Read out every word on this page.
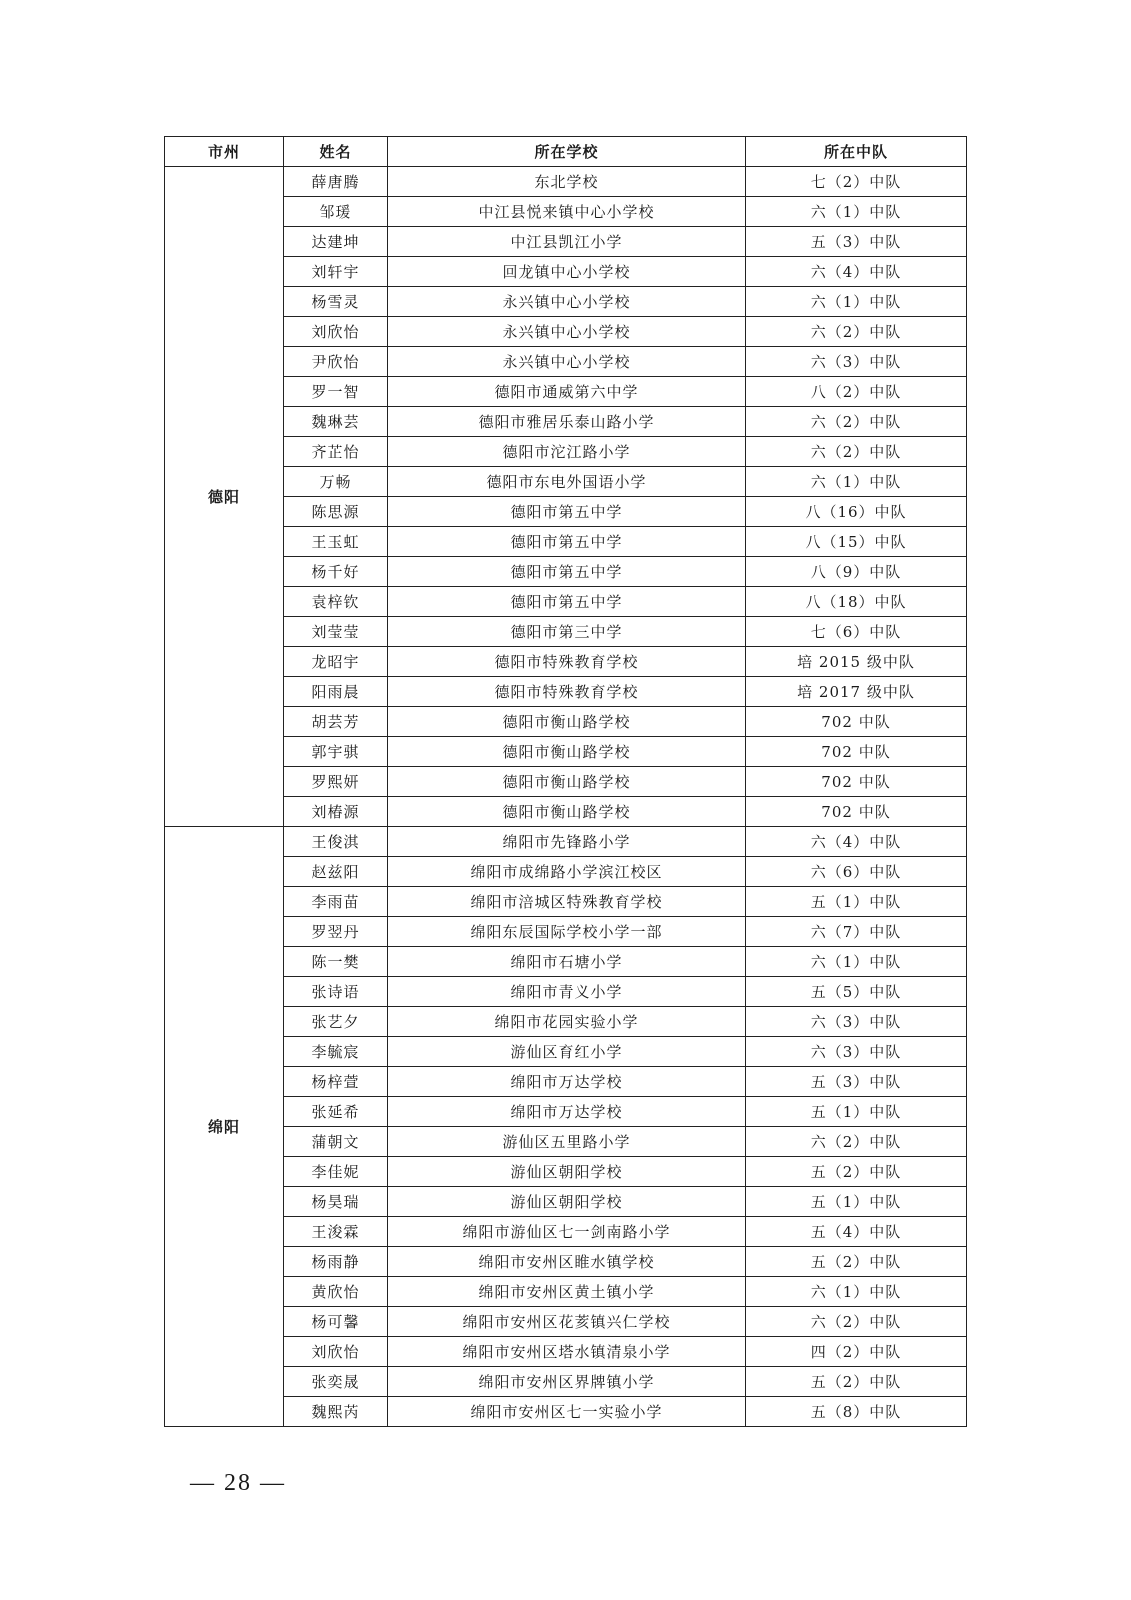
市州	姓名	所在学校	所在中队
德阳	薛唐腾	东北学校	七（2）中队
	邹瑗	中江县悦来镇中心小学校	六（1）中队
	达建坤	中江县凯江小学	五（3）中队
	刘轩宇	回龙镇中心小学校	六（4）中队
	杨雪灵	永兴镇中心小学校	六（1）中队
	刘欣怡	永兴镇中心小学校	六（2）中队
	尹欣怡	永兴镇中心小学校	六（3）中队
	罗一智	德阳市通威第六中学	八（2）中队
	魏琳芸	德阳市雅居乐泰山路小学	六（2）中队
	齐芷怡	德阳市沱江路小学	六（2）中队
	万畅	德阳市东电外国语小学	六（1）中队
	陈思源	德阳市第五中学	八（16）中队
	王玉虹	德阳市第五中学	八（15）中队
	杨千好	德阳市第五中学	八（9）中队
	袁梓钦	德阳市第五中学	八（18）中队
	刘莹莹	德阳市第三中学	七（6）中队
	龙昭宇	德阳市特殊教育学校	培 2015 级中队
	阳雨晨	德阳市特殊教育学校	培 2017 级中队
	胡芸芳	德阳市衡山路学校	702 中队
	郭宇骐	德阳市衡山路学校	702 中队
	罗熙妍	德阳市衡山路学校	702 中队
	刘椿源	德阳市衡山路学校	702 中队
绵阳	王俊淇	绵阳市先锋路小学	六（4）中队
	赵兹阳	绵阳市成绵路小学滨江校区	六（6）中队
	李雨苗	绵阳市涪城区特殊教育学校	五（1）中队
	罗翌丹	绵阳东辰国际学校小学一部	六（7）中队
	陈一樊	绵阳市石塘小学	六（1）中队
	张诗语	绵阳市青义小学	五（5）中队
	张艺夕	绵阳市花园实验小学	六（3）中队
	李毓宸	游仙区育红小学	六（3）中队
	杨梓萱	绵阳市万达学校	五（3）中队
	张延希	绵阳市万达学校	五（1）中队
	蒲朝文	游仙区五里路小学	六（2）中队
	李佳妮	游仙区朝阳学校	五（2）中队
	杨昊瑞	游仙区朝阳学校	五（1）中队
	王浚霖	绵阳市游仙区七一剑南路小学	五（4）中队
	杨雨静	绵阳市安州区睢水镇学校	五（2）中队
	黄欣怡	绵阳市安州区黄土镇小学	六（1）中队
	杨可馨	绵阳市安州区花荄镇兴仁学校	六（2）中队
	刘欣怡	绵阳市安州区塔水镇清泉小学	四（2）中队
	张奕晟	绵阳市安州区界牌镇小学	五（2）中队
	魏熙芮	绵阳市安州区七一实验小学	五（8）中队
— 28 —
